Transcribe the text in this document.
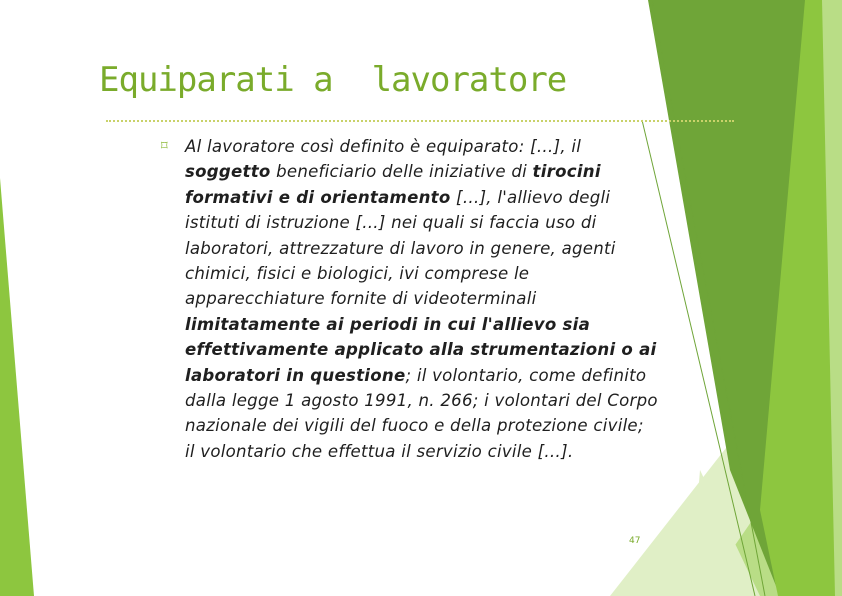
Equiparati a  lavoratore
⌑ Al lavoratore così definito è equiparato: […], il
soggetto beneficiario delle iniziative di tirocini
formativi e di orientamento […], l'allievo degli
istituti di istruzione [...] nei quali si faccia uso di
laboratori, attrezzature di lavoro in genere, agenti
chimici, fisici e biologici, ivi comprese le
apparecchiature fornite di videoterminali
limitatamente ai periodi in cui l'allievo sia
effettivamente applicato alla strumentazioni o ai
laboratori in questione; il volontario, come definito
dalla legge 1 agosto 1991, n. 266; i volontari del Corpo
nazionale dei vigili del fuoco e della protezione civile;
il volontario che effettua il servizio civile […].
47
